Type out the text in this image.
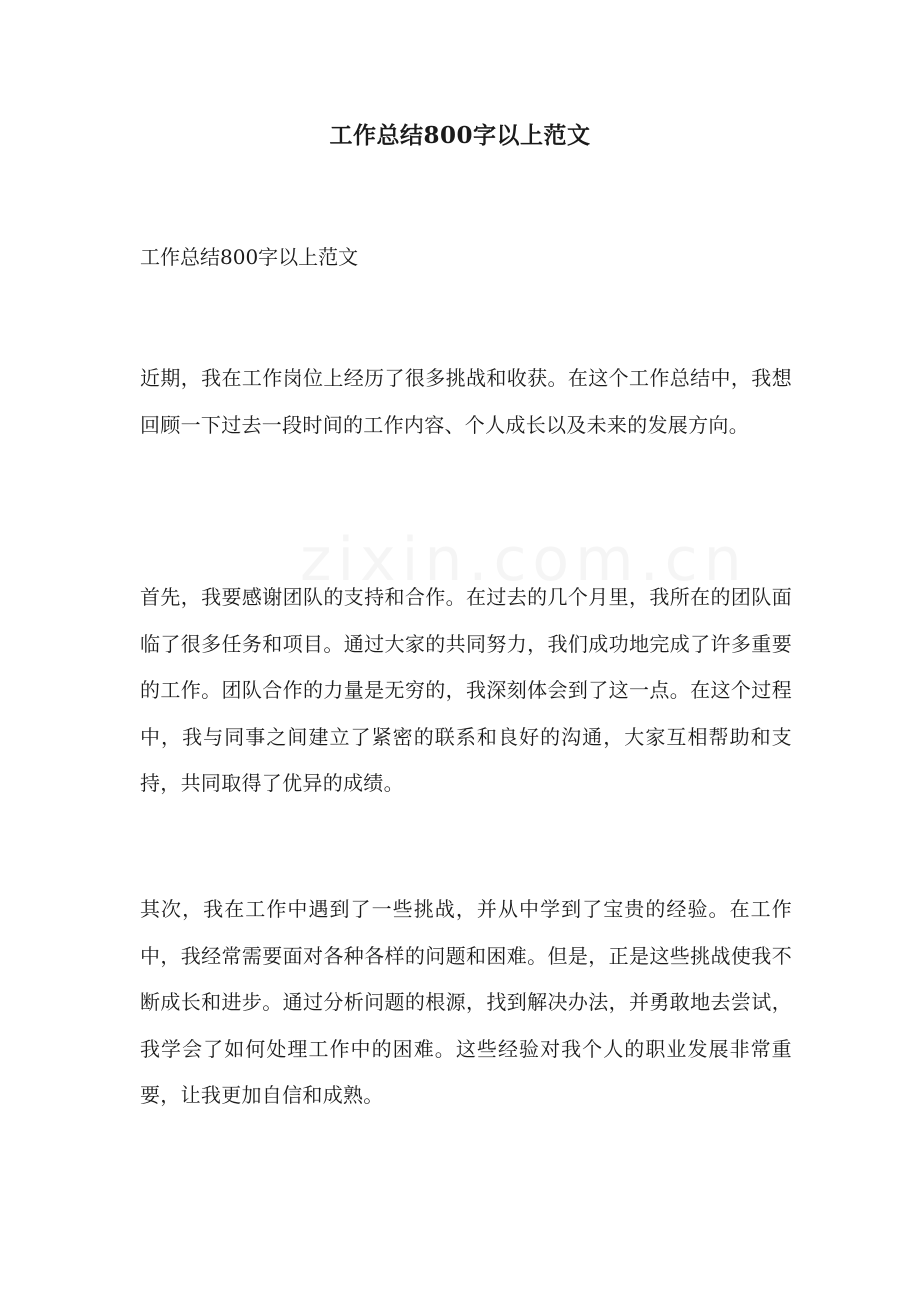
zixin.com.cn
工作总结800字以上范文
工作总结800字以上范文

近期，我在工作岗位上经历了很多挑战和收获。在这个工作总结中，我想回顾一下过去一段时间的工作内容、个人成长以及未来的发展方向。

首先，我要感谢团队的支持和合作。在过去的几个月里，我所在的团队面临了很多任务和项目。通过大家的共同努力，我们成功地完成了许多重要的工作。团队合作的力量是无穷的，我深刻体会到了这一点。在这个过程中，我与同事之间建立了紧密的联系和良好的沟通，大家互相帮助和支持，共同取得了优异的成绩。

其次，我在工作中遇到了一些挑战，并从中学到了宝贵的经验。在工作中，我经常需要面对各种各样的问题和困难。但是，正是这些挑战使我不断成长和进步。通过分析问题的根源，找到解决办法，并勇敢地去尝试，我学会了如何处理工作中的困难。这些经验对我个人的职业发展非常重要，让我更加自信和成熟。
